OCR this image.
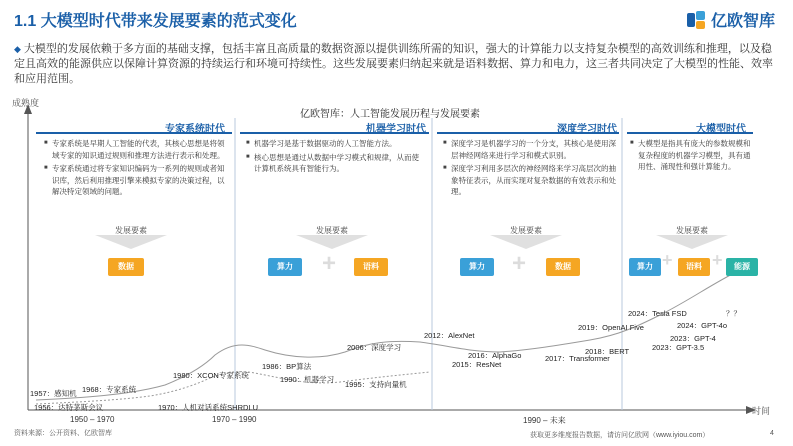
1.1 大模型时代带来发展要素的范式变化	亿欧智库
◆ 大模型的发展依赖于多方面的基础支撑，包括丰富且高质量的数据资源以提供训练所需的知识，强大的计算能力以支持复杂模型的高效训练和推理，以及稳定且高效的能源供应以保障计算资源的持续运行和环境可持续性。这些发展要素归纳起来就是语料数据、算力和电力，这三者共同决定了大模型的性能、效率和应用范围。
亿欧智库：人工智能发展历程与发展要素
成熟度
时间
专家系统时代
■ 专家系统是早期人工智能的代表，其核心思想是将领域专家的知识通过规则和推理方法进行表示和处理。
■ 专家系统通过将专家知识编码为一系列的规则或者知识库，然后利用推理引擎来模拟专家的决策过程，以解决特定领域的问题。
发展要素
数据
机器学习时代
■ 机器学习是基于数据驱动的人工智能方法。
■ 核心思想是通过从数据中学习模式和规律，从而使计算机系统具有智能行为。
发展要素
算力	+	语料
深度学习时代
■ 深度学习是机器学习的一个分支，其核心是使用深层神经网络来进行学习和模式识别。
■ 深度学习利用多层次的神经网络来学习高层次的抽象特征表示，从而实现对复杂数据的有效表示和处理。
发展要素
算力	+	数据
大模型时代
■ 大模型是指具有庞大的参数规模和复杂程度的机器学习模型，具有通用性、涌现性和强计算能力。
发展要素
算力 +	语料 +	能源
1956：达特茅斯会议
1957：感知机 1968：专家系统
1970：人机对话系统SHRDLU
1980：XCON专家系统
1986：BP算法
1990：机器学习
1995：支持向量机
2006：深度学习
2012：AlexNet
2015：ResNet
2016：AlphaGo	2017：Transformer
2018：BERT
2019：OpenAI Five
2023：GPT-3.5
2023：GPT-4
2024：GPT-4o
2024：Tesla FSD	？？
1950 – 1970	1970 – 1990	1990 – 未来
资料来源：公开资料、亿欧智库	获取更多维度报告数据，请访问亿欧网（www.iyiou.com）	4
